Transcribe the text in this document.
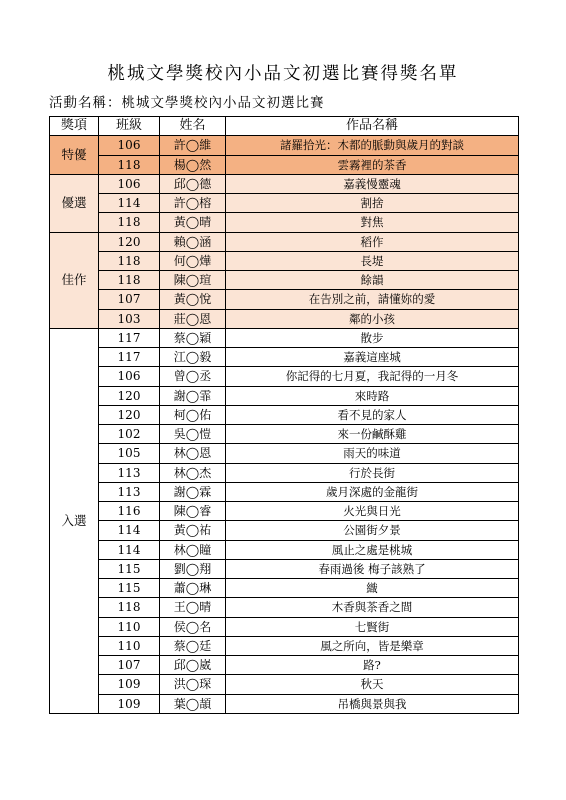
桃城文學獎校內小品文初選比賽得獎名單
活動名稱：桃城文學獎校內小品文初選比賽
獎項	班級	姓名	作品名稱
特優	106	許◯維	諸羅拾光：木都的脈動與歲月的對談
	118	楊◯然	雲霧裡的茶香
優選	106	邱◯德	嘉義慢靈魂
	114	許◯榕	割捨
	118	黃◯晴	對焦
佳作	120	賴◯涵	稻作
	118	何◯燁	長堤
	118	陳◯瑄	餘韻
	107	黃◯悅	在告別之前，請懂妳的愛
	103	莊◯恩	鄰的小孩
入選	117	蔡◯穎	散步
	117	江◯毅	嘉義這座城
	106	曾◯丞	你記得的七月夏，我記得的一月冬
	120	謝◯霏	來時路
	120	柯◯佑	看不見的家人
	102	吳◯愷	來一份鹹酥雞
	105	林◯恩	雨天的味道
	113	林◯杰	行於長街
	113	謝◯霖	歲月深處的金龍街
	116	陳◯睿	火光與日光
	114	黃◯祐	公園街夕景
	114	林◯瞳	風止之處是桃城
	115	劉◯翔	春雨過後 梅子該熟了
	115	蕭◯琳	織
	118	王◯晴	木香與茶香之間
	110	侯◯名	七賢街
	110	蔡◯廷	風之所向，皆是樂章
	107	邱◯崴	路?
	109	洪◯琛	秋天
	109	葉◯頡	吊橋與景與我
